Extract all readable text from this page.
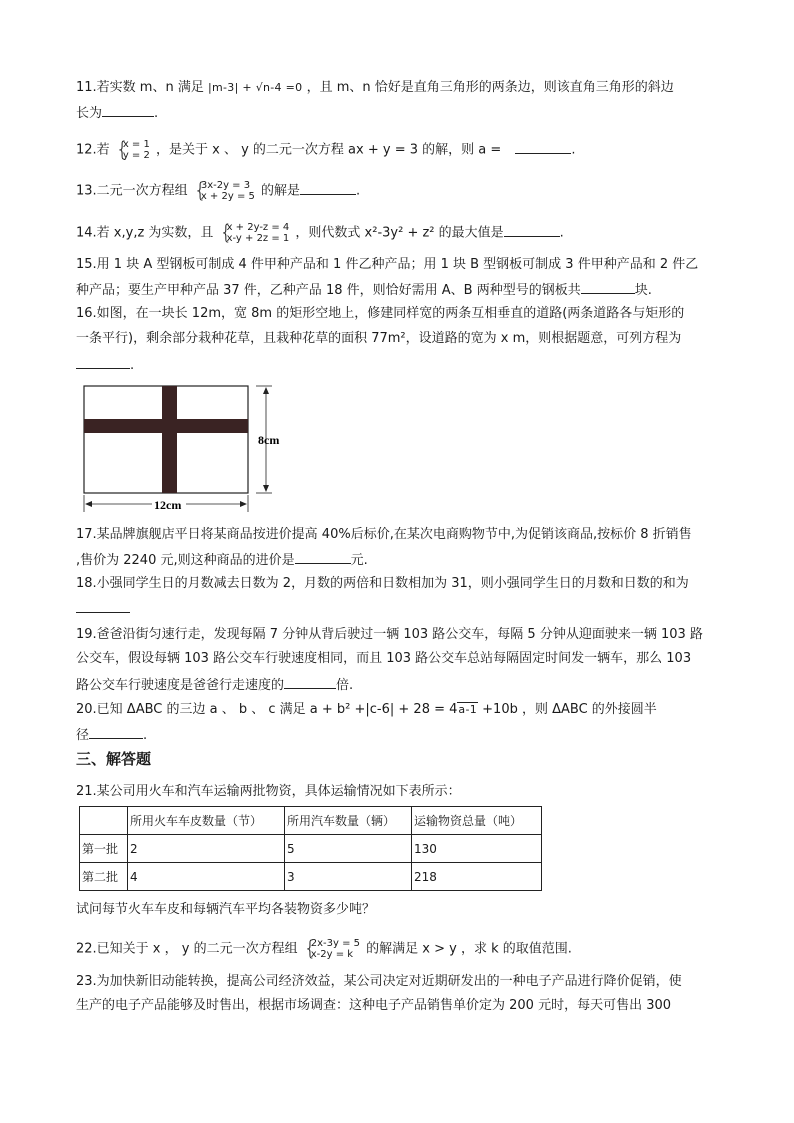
11.若实数 m、n 满足 |m-3| + √n-4 =0 ，且 m、n 恰好是直角三角形的两条边，则该直角三角形的斜边
长为	.
12.若 { x = 1
y = 2 ，是关于 x 、 y 的二元一次方程 ax + y = 3 的解，则 a =	.
13.二元一次方程组 { 3x-2y = 3
x + 2y = 5 的解是	.
14.若 x,y,z 为实数，且 { x + 2y-z = 4
x-y + 2z = 1 ，则代数式 x²-3y² + z² 的最大值是	.
15.用 1 块 A 型钢板可制成 4 件甲种产品和 1 件乙种产品；用 1 块 B 型钢板可制成 3 件甲种产品和 2 件乙
种产品；要生产甲种产品 37 件，乙种产品 18 件，则恰好需用 A、B 两种型号的钢板共	块.
16.如图，在一块长 12m，宽 8m 的矩形空地上，修建同样宽的两条互相垂直的道路(两条道路各与矩形的
一条平行)，剩余部分栽种花草，且栽种花草的面积 77m²，设道路的宽为 x m，则根据题意，可列方程为
.
8cm
12cm
17.某品牌旗舰店平日将某商品按进价提高 40%后标价,在某次电商购物节中,为促销该商品,按标价 8 折销售
,售价为 2240 元,则这种商品的进价是	元.
18.小强同学生日的月数减去日数为 2，月数的两倍和日数相加为 31，则小强同学生日的月数和日数的和为
19.爸爸沿街匀速行走，发现每隔 7 分钟从背后驶过一辆 103 路公交车，每隔 5 分钟从迎面驶来一辆 103 路
公交车，假设每辆 103 路公交车行驶速度相同，而且 103 路公交车总站每隔固定时间发一辆车，那么 103
路公交车行驶速度是爸爸行走速度的	倍.
20.已知 ΔABC 的三边 a 、 b 、 c 满足 a + b² +|c-6| + 28 = 4a-1 +10b ，则 ΔABC 的外接圆半
径	.
三、解答题
21.某公司用火车和汽车运输两批物资，具体运输情况如下表所示：
	所用火车车皮数量（节）	所用汽车数量（辆）	运输物资总量（吨）
第一批	2	5	130
第二批	4	3	218
试问每节火车车皮和每辆汽车平均各装物资多少吨？
22.已知关于 x ， y 的二元一次方程组 { 2x-3y = 5
x-2y = k	的解满足 x > y ，求 k 的取值范围.
23.为加快新旧动能转换，提高公司经济效益，某公司决定对近期研发出的一种电子产品进行降价促销，使
生产的电子产品能够及时售出，根据市场调查：这种电子产品销售单价定为 200 元时，每天可售出 300
